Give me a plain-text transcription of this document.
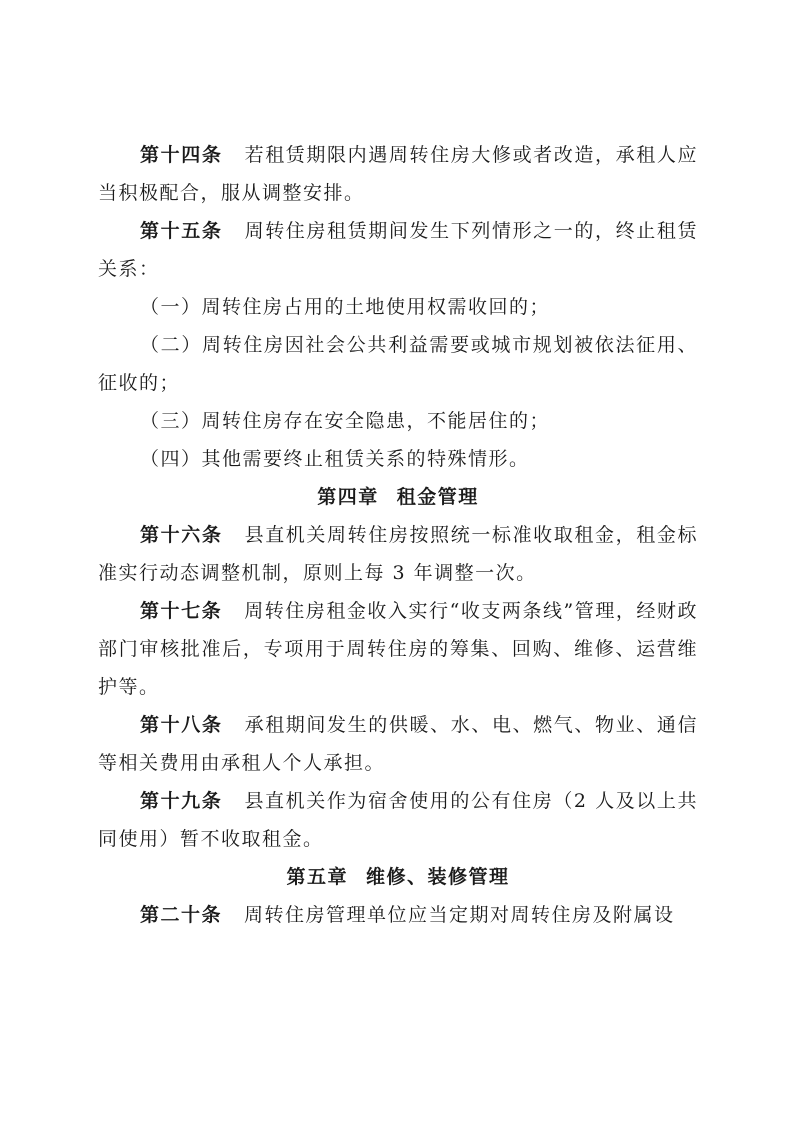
第十四条 若租赁期限内遇周转住房大修或者改造，承租人应当积极配合，服从调整安排。

第十五条 周转住房租赁期间发生下列情形之一的，终止租赁关系：

（一）周转住房占用的土地使用权需收回的；

（二）周转住房因社会公共利益需要或城市规划被依法征用、征收的；

（三）周转住房存在安全隐患，不能居住的；

（四）其他需要终止租赁关系的特殊情形。

第四章 租金管理

第十六条 县直机关周转住房按照统一标准收取租金，租金标准实行动态调整机制，原则上每 3 年调整一次。

第十七条 周转住房租金收入实行“收支两条线”管理，经财政部门审核批准后，专项用于周转住房的筹集、回购、维修、运营维护等。

第十八条 承租期间发生的供暖、水、电、燃气、物业、通信等相关费用由承租人个人承担。

第十九条 县直机关作为宿舍使用的公有住房（2 人及以上共同使用）暂不收取租金。

第五章 维修、装修管理

第二十条 周转住房管理单位应当定期对周转住房及附属设
